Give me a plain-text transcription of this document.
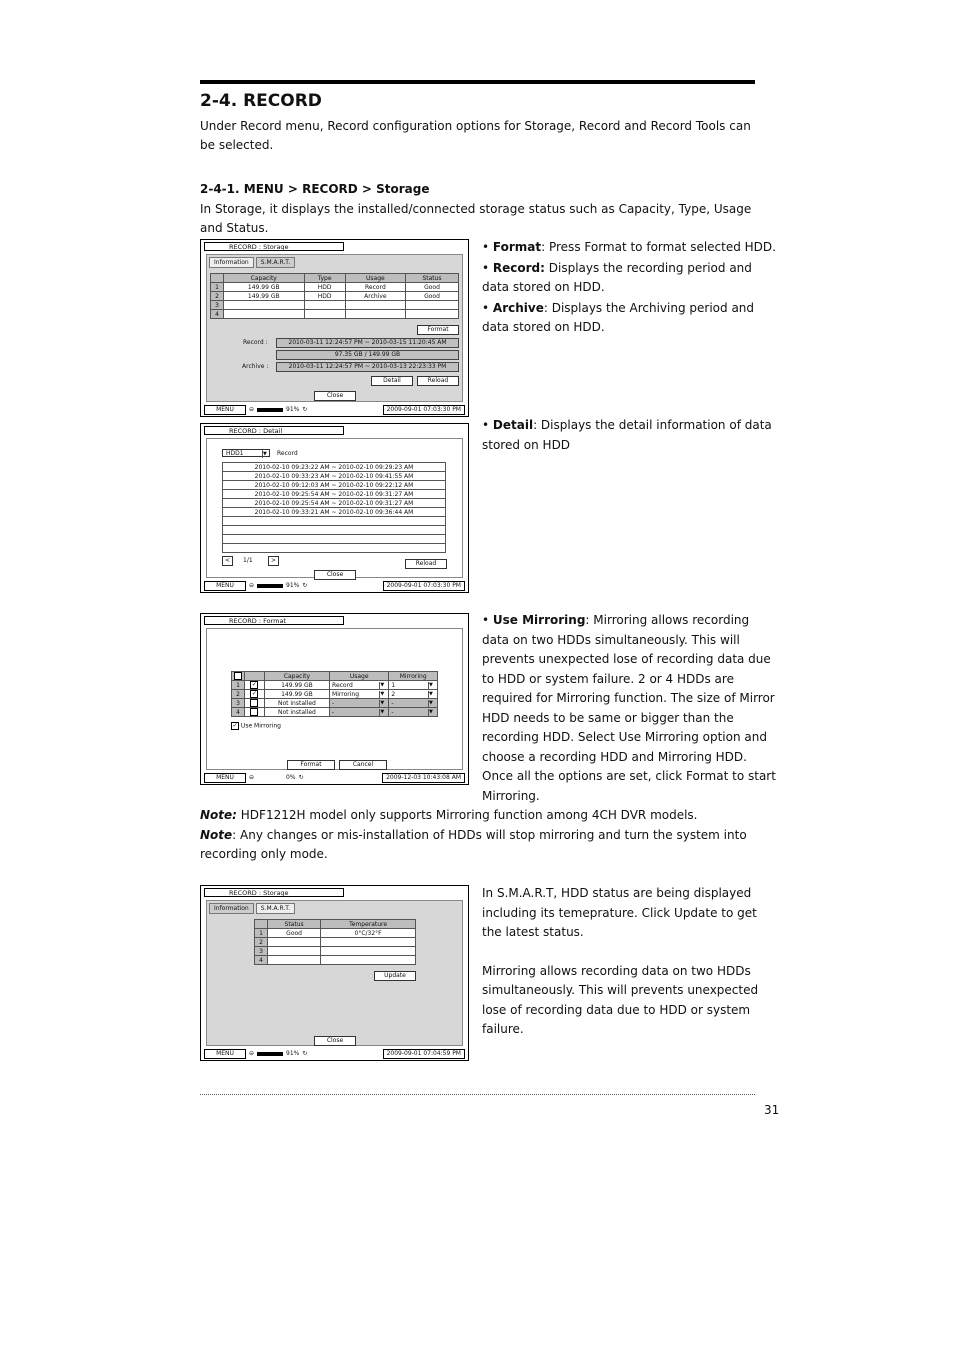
2-4. RECORD
Under Record menu, Record configuration options for Storage, Record and Record Tools can be selected.
2-4-1. MENU > RECORD > Storage
In Storage, it displays the installed/connected storage status such as Capacity, Type, Usage and Status.
RECORD : Storage
Information	S.M.A.R.T.
	Capacity	Type	Usage	Status
1	149.99 GB	HDD	Record	Good
2	149.99 GB	HDD	Archive	Good
3				
4				
Format
Record :	2010-03-11 12:24:57 PM ~ 2010-03-15 11:20:45 AM
97.35 GB / 149.99 GB
Archive :	2010-03-11 12:24:57 PM ~ 2010-03-13 22:23:33 PM
Detail	Reload
Close
MENU	⊖	91% ↻	2009-09-01 07:03:30 PM
• Format: Press Format to format selected HDD.
• Record: Displays the recording period and data stored on HDD.
• Archive: Displays the Archiving period and data stored on HDD.
RECORD : Detail
HDD1	▼	Record
2010-02-10 09:23:22 AM ~ 2010-02-10 09:29:23 AM
2010-02-10 09:33:23 AM ~ 2010-02-10 09:41:55 AM
2010-02-10 09:12:03 AM ~ 2010-02-10 09:22:12 AM
2010-02-10 09:25:54 AM ~ 2010-02-10 09:31:27 AM
2010-02-10 09:25:54 AM ~ 2010-02-10 09:31:27 AM
2010-02-10 09:33:21 AM ~ 2010-02-10 09:36:44 AM

<	1/1	>	Reload
Close
MENU	⊖	91% ↻	2009-09-01 07:03:30 PM
• Detail: Displays the detail information of data stored on HDD
RECORD : Format
		Capacity	Usage	Mirroring
1	✓	149.99 GB	Record ▼	1 ▼

2	✓	149.99 GB	Mirroring ▼	2 ▼

3		Not installed	- ▼	- ▼

4		Not installed	- ▼	- ▼
✓ Use Mirroring
Format	Cancel
MENU	⊖	0% ↻	2009-12-03 10:43:08 AM
• Use Mirroring: Mirroring allows recording data on two HDDs simultaneously. This will prevents unexpected lose of recording data due to HDD or system failure. 2 or 4 HDDs are required for Mirroring function. The size of Mirror HDD needs to be same or bigger than the recording HDD. Select Use Mirroring option and choose a recording HDD and Mirroring HDD. Once all the options are set, click Format to start Mirroring.
Note: HDF1212H model only supports Mirroring function among 4CH DVR models.
Note: Any changes or mis-installation of HDDs will stop mirroring and turn the system into recording only mode.
RECORD : Storage
Information	S.M.A.R.T.
	Status	Temperature
1	Good	0°C/32°F
2		
3		
4		
Update
Close
MENU	⊖	91% ↻	2009-09-01 07:04:59 PM
In S.M.A.R.T, HDD status are being displayed including its temeprature. Click Update to get the latest status.
Mirroring allows recording data on two HDDs simultaneously. This will prevents unexpected lose of recording data due to HDD or system failure.
31
